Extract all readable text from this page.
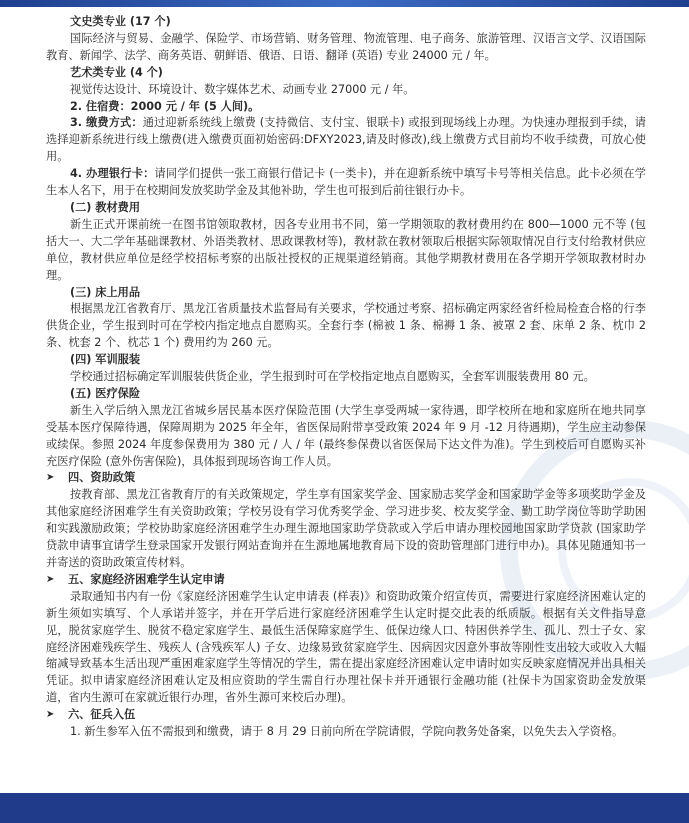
文史类专业 (17 个)

国际经济与贸易、金融学、保险学、市场营销、财务管理、物流管理、电子商务、旅游管理、汉语言文学、汉语国际教育、新闻学、法学、商务英语、朝鲜语、俄语、日语、翻译 (英语) 专业 24000 元 / 年。

艺术类专业 (4 个)

视觉传达设计、环境设计、数字媒体艺术、动画专业 27000 元 / 年。

2. 住宿费：2000 元 / 年 (5 人间)。

3. 缴费方式：通过迎新系统线上缴费 (支持微信、支付宝、银联卡) 或报到现场线上办理。为快速办理报到手续，请选择迎新系统进行线上缴费(进入缴费页面初始密码:DFXY2023,请及时修改),线上缴费方式目前均不收手续费，可放心使用。

4. 办理银行卡：请同学们提供一张工商银行借记卡 (一类卡)，并在迎新系统中填写卡号等相关信息。此卡必须在学生本人名下，用于在校期间发放奖助学金及其他补助，学生也可报到后前往银行办卡。

(二) 教材费用

新生正式开课前统一在图书馆领取教材，因各专业用书不同，第一学期领取的教材费用约在 800—1000 元不等 (包括大一、大二学年基础课教材、外语类教材、思政课教材等)，教材款在教材领取后根据实际领取情况自行支付给教材供应单位，教材供应单位是经学校招标考察的出版社授权的正规渠道经销商。其他学期教材费用在各学期开学领取教材时办理。

(三) 床上用品

根据黑龙江省教育厅、黑龙江省质量技术监督局有关要求，学校通过考察、招标确定两家经省纤检局检查合格的行李供货企业，学生报到时可在学校内指定地点自愿购买。全套行李 (棉被 1 条、棉褥 1 条、被罩 2 套、床单 2 条、枕巾 2 条、枕套 2 个、枕芯 1 个) 费用约为 260 元。

(四) 军训服装

学校通过招标确定军训服装供货企业，学生报到时可在学校指定地点自愿购买，全套军训服装费用 80 元。

(五) 医疗保险

新生入学后纳入黑龙江省城乡居民基本医疗保险范围 (大学生享受两城一家待遇，即学校所在地和家庭所在地共同享受基本医疗保障待遇，保障周期为 2025 年全年，省医保局附带享受政策 2024 年 9 月 -12 月待遇期)，学生应主动参保或续保。参照 2024 年度参保费用为 380 元 / 人 / 年 (最终参保费以省医保局下达文件为准)。学生到校后可自愿购买补充医疗保险 (意外伤害保险)，具体报到现场咨询工作人员。

➤	四、资助政策

按教育部、黑龙江省教育厅的有关政策规定，学生享有国家奖学金、国家励志奖学金和国家助学金等多项奖助学金及其他家庭经济困难学生有关资助政策；学校另设有学习优秀奖学金、学习进步奖、校友奖学金、勤工助学岗位等助学助困和实践激励政策；学校协助家庭经济困难学生办理生源地国家助学贷款或入学后申请办理校园地国家助学贷款 (国家助学贷款申请事宜请学生登录国家开发银行网站查询并在生源地属地教育局下设的资助管理部门进行申办)。具体见随通知书一并寄送的资助政策宣传材料。

➤	五、家庭经济困难学生认定申请

录取通知书内有一份《家庭经济困难学生认定申请表 (样表)》和资助政策介绍宣传页，需要进行家庭经济困难认定的新生须如实填写、个人承诺并签字，并在开学后进行家庭经济困难学生认定时提交此表的纸质版。根据有关文件指导意见，脱贫家庭学生、脱贫不稳定家庭学生、最低生活保障家庭学生、低保边缘人口、特困供养学生、孤儿、烈士子女、家庭经济困难残疾学生、残疾人 (含残疾军人) 子女、边缘易致贫家庭学生、因病因灾因意外事故等刚性支出较大或收入大幅缩减导致基本生活出现严重困难家庭学生等情况的学生，需在提出家庭经济困难认定申请时如实反映家庭情况并出具相关凭证。拟申请家庭经济困难认定及相应资助的学生需自行办理社保卡并开通银行金融功能 (社保卡为国家资助金发放渠道，省内生源可在家就近银行办理，省外生源可来校后办理)。

➤	六、征兵入伍

1. 新生参军入伍不需报到和缴费，请于 8 月 29 日前向所在学院请假，学院向教务处备案，以免失去入学资格。
